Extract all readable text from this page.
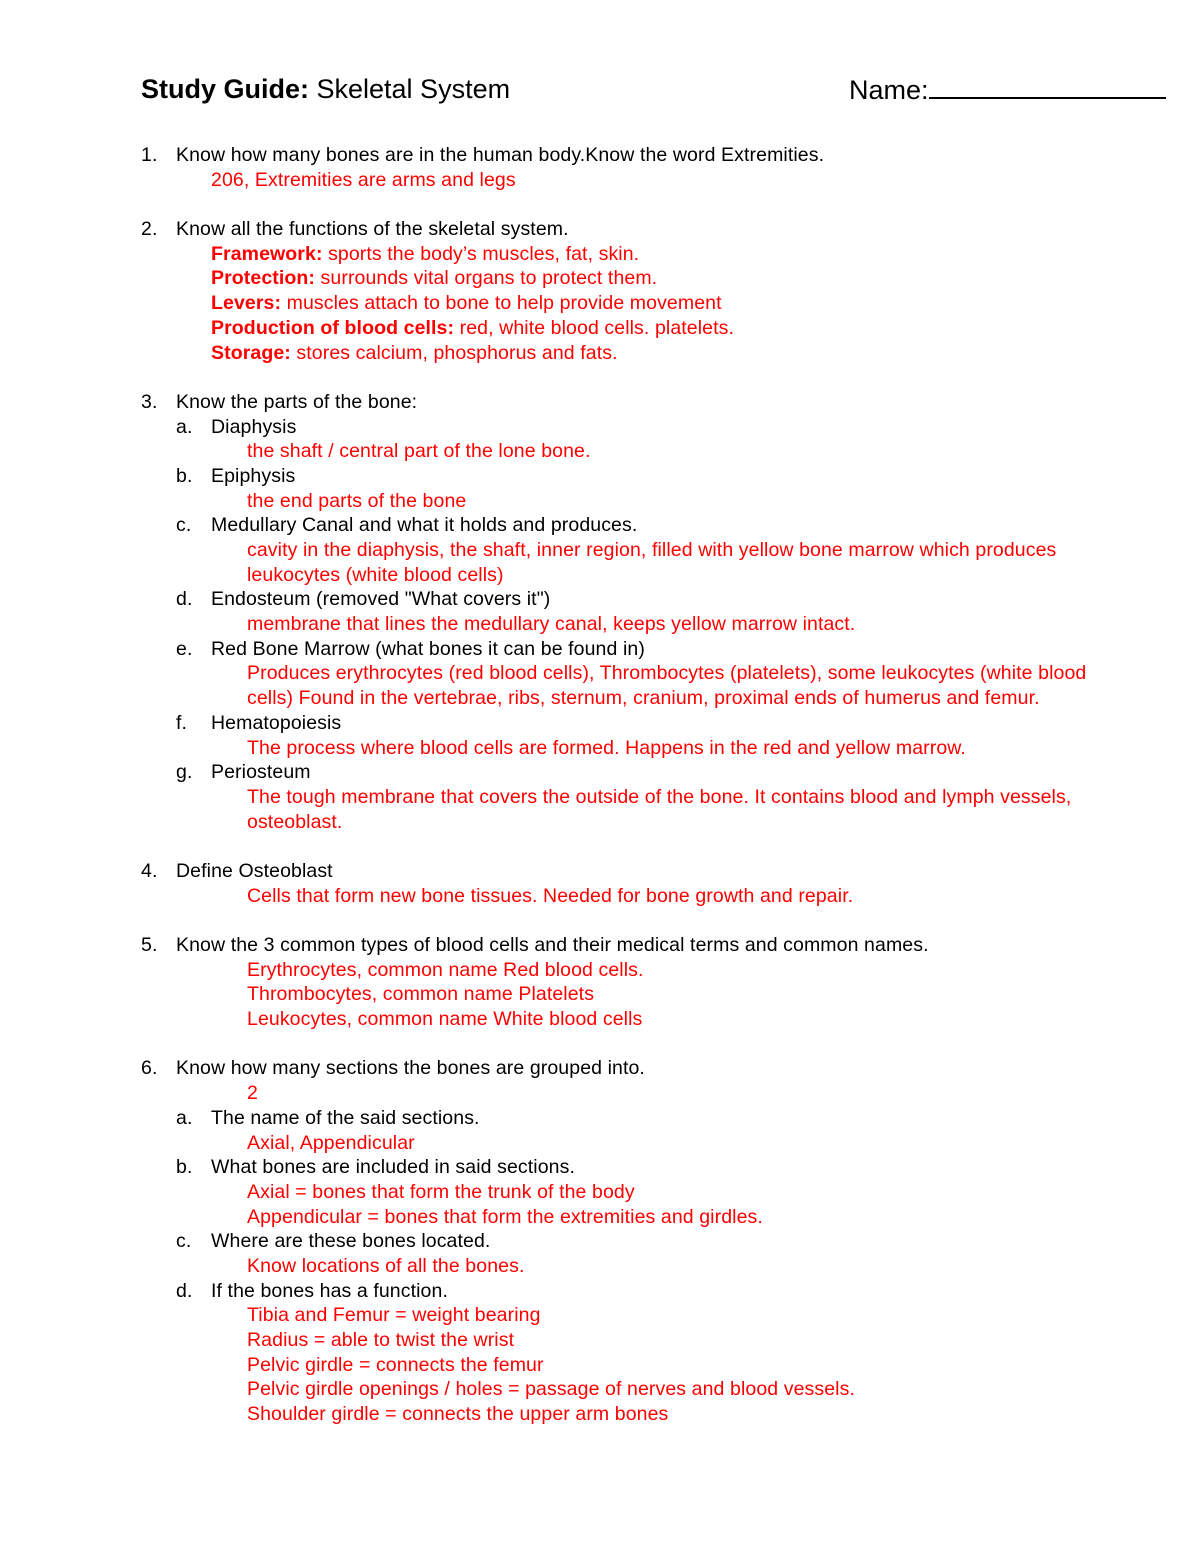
Study Guide: Skeletal System	Name:
1. Know how many bones are in the human body.Know the word Extremities.
206, Extremities are arms and legs
2. Know all the functions of the skeletal system.
Framework: sports the body’s muscles, fat, skin.
Protection: surrounds vital organs to protect them.
Levers: muscles attach to bone to help provide movement
Production of blood cells: red, white blood cells. platelets.
Storage: stores calcium, phosphorus and fats.
3. Know the parts of the bone:
a. Diaphysis
the shaft / central part of the lone bone.
b. Epiphysis
the end parts of the bone
c. Medullary Canal and what it holds and produces.
cavity in the diaphysis, the shaft, inner region, filled with yellow bone marrow which produces
leukocytes (white blood cells)
d. Endosteum (removed "What covers it")
membrane that lines the medullary canal, keeps yellow marrow intact.
e. Red Bone Marrow (what bones it can be found in)
Produces erythrocytes (red blood cells), Thrombocytes (platelets), some leukocytes (white blood
cells) Found in the vertebrae, ribs, sternum, cranium, proximal ends of humerus and femur.
f. Hematopoiesis
The process where blood cells are formed. Happens in the red and yellow marrow.
g. Periosteum
The tough membrane that covers the outside of the bone. It contains blood and lymph vessels,
osteoblast.
4. Define Osteoblast
Cells that form new bone tissues. Needed for bone growth and repair.
5. Know the 3 common types of blood cells and their medical terms and common names.
Erythrocytes, common name Red blood cells.
Thrombocytes, common name Platelets
Leukocytes, common name White blood cells
6. Know how many sections the bones are grouped into.
2
a. The name of the said sections.
Axial, Appendicular
b. What bones are included in said sections.
Axial = bones that form the trunk of the body
Appendicular = bones that form the extremities and girdles.
c. Where are these bones located.
Know locations of all the bones.
d. If the bones has a function.
Tibia and Femur = weight bearing
Radius = able to twist the wrist
Pelvic girdle = connects the femur
Pelvic girdle openings / holes = passage of nerves and blood vessels.
Shoulder girdle = connects the upper arm bones
